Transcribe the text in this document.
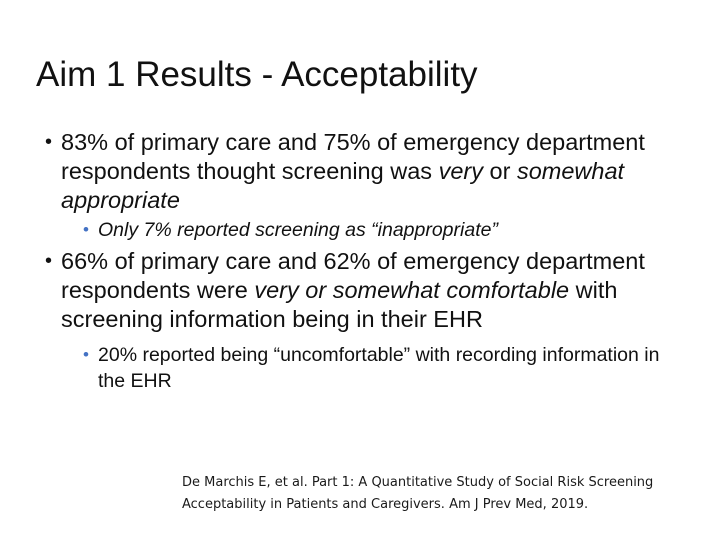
Aim 1 Results - Acceptability
• 83% of primary care and 75% of emergency department respondents thought screening was very or somewhat appropriate
• Only 7% reported screening as “inappropriate”
• 66% of primary care and 62% of emergency department respondents were very or somewhat comfortable with screening information being in their EHR
• 20% reported being “uncomfortable” with recording information in the EHR
De Marchis E, et al. Part 1: A Quantitative Study of Social Risk Screening Acceptability in Patients and Caregivers. Am J Prev Med, 2019.
